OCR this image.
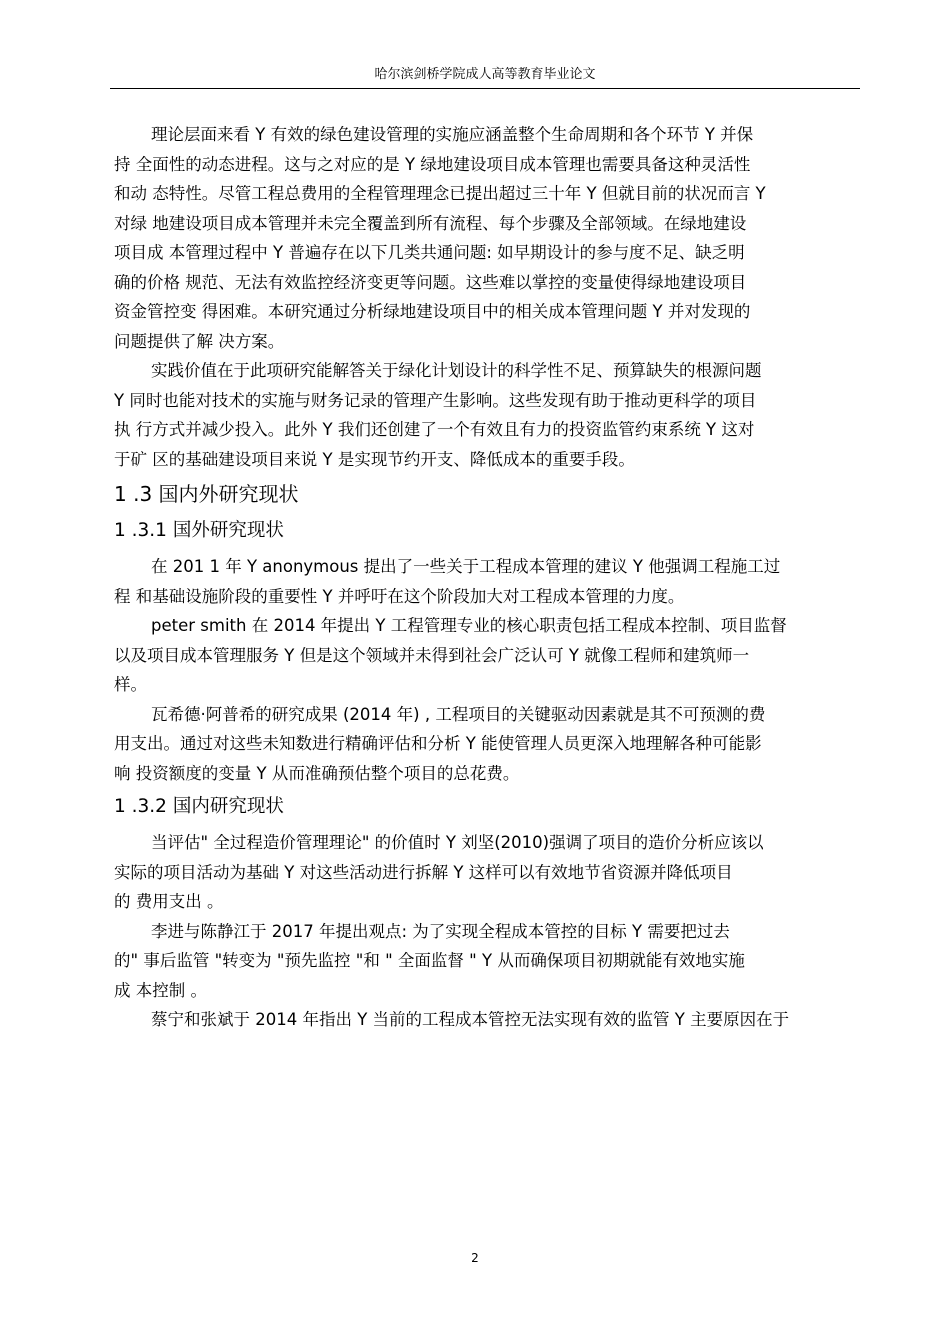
哈尔滨剑桥学院成人高等教育毕业论文
理论层面来看 Y 有效的绿色建设管理的实施应涵盖整个生命周期和各个环节 Y 并保
持 全面性的动态进程。这与之对应的是 Y 绿地建设项目成本管理也需要具备这种灵活性
和动 态特性。尽管工程总费用的全程管理理念已提出超过三十年 Y 但就目前的状况而言 Y
对绿 地建设项目成本管理并未完全覆盖到所有流程、每个步骤及全部领域。在绿地建设
项目成 本管理过程中 Y 普遍存在以下几类共通问题: 如早期设计的参与度不足、缺乏明
确的价格 规范、无法有效监控经济变更等问题。这些难以掌控的变量使得绿地建设项目
资金管控变 得困难。本研究通过分析绿地建设项目中的相关成本管理问题 Y 并对发现的
问题提供了解 决方案。
实践价值在于此项研究能解答关于绿化计划设计的科学性不足、预算缺失的根源问题
Y 同时也能对技术的实施与财务记录的管理产生影响。这些发现有助于推动更科学的项目
执 行方式并减少投入。此外 Y 我们还创建了一个有效且有力的投资监管约束系统 Y 这对
于矿 区的基础建设项目来说 Y 是实现节约开支、降低成本的重要手段。
1 .3 国内外研究现状
1 .3.1 国外研究现状
在 201 1 年 Y anonymous 提出了一些关于工程成本管理的建议 Y 他强调工程施工过
程 和基础设施阶段的重要性 Y 并呼吁在这个阶段加大对工程成本管理的力度。
peter smith 在 2014 年提出 Y 工程管理专业的核心职责包括工程成本控制、项目监督
以及项目成本管理服务 Y 但是这个领域并未得到社会广泛认可 Y 就像工程师和建筑师一
样。
瓦希德·阿普希的研究成果 (2014 年) , 工程项目的关键驱动因素就是其不可预测的费
用支出。通过对这些未知数进行精确评估和分析 Y 能使管理人员更深入地理解各种可能影
响 投资额度的变量 Y 从而准确预估整个项目的总花费。
1 .3.2 国内研究现状
当评估" 全过程造价管理理论" 的价值时 Y 刘坚(2010)强调了项目的造价分析应该以
实际的项目活动为基础 Y 对这些活动进行拆解 Y 这样可以有效地节省资源并降低项目
的 费用支出 。
李进与陈静江于 2017 年提出观点: 为了实现全程成本管控的目标 Y 需要把过去
的" 事后监管 "转变为 "预先监控 "和 " 全面监督 " Y 从而确保项目初期就能有效地实施
成 本控制 。
蔡宁和张斌于 2014 年指出 Y 当前的工程成本管控无法实现有效的监管 Y 主要原因在于
2
